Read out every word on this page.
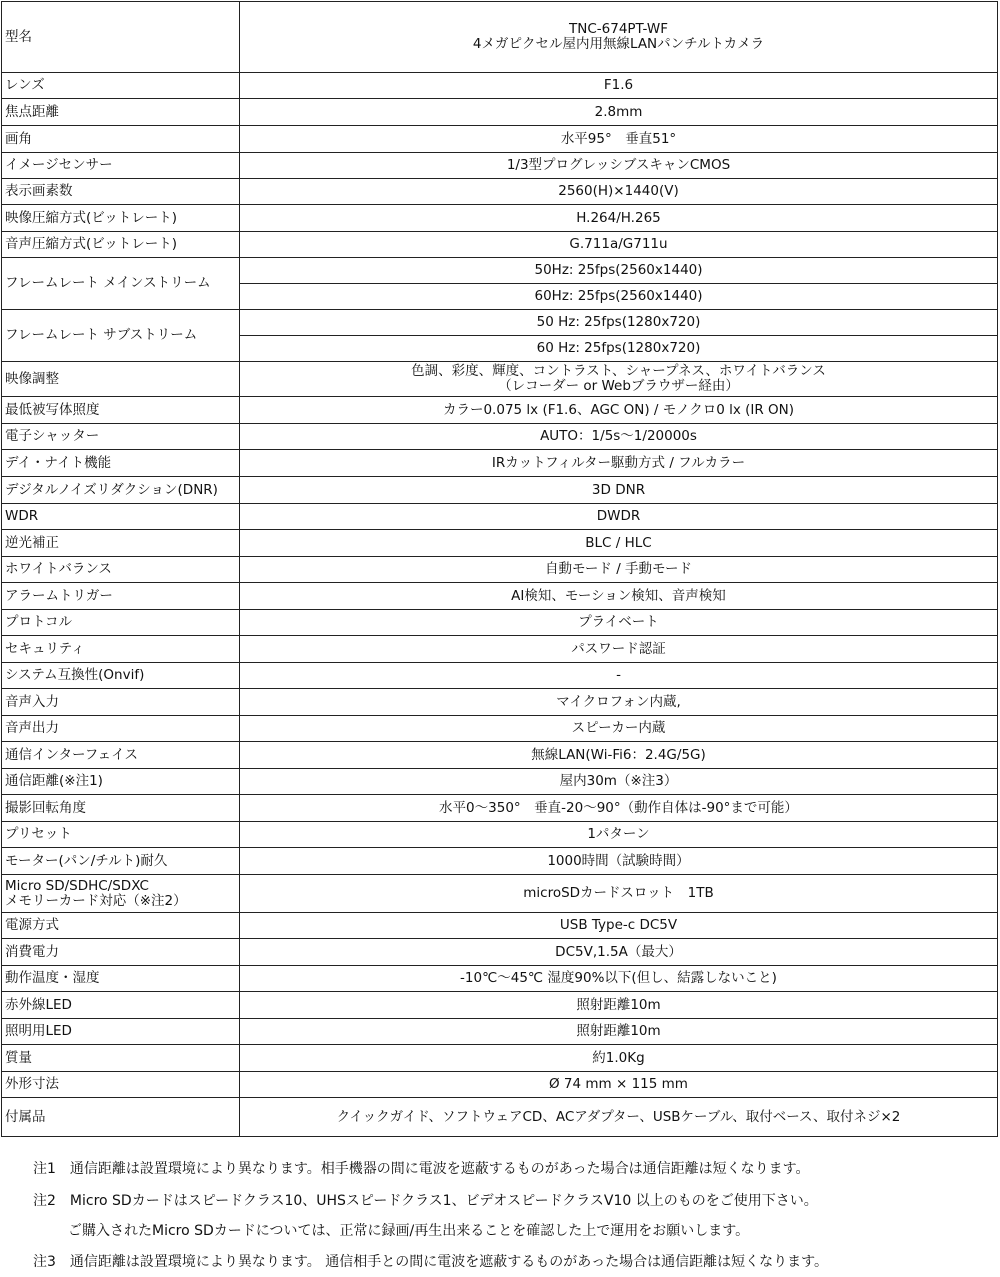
型名	TNC-674PT-WF
4メガピクセル屋内用無線LANパンチルトカメラ

レンズ	F1.6

焦点距離	2.8mm

画角	水平95°　垂直51°

イメージセンサー	1/3型プログレッシブスキャンCMOS

表示画素数	2560(H)×1440(V)

映像圧縮方式(ビットレート)	H.264/H.265

音声圧縮方式(ビットレート)	G.711a/G711u

フレームレート メインストリーム	50Hz: 25fps(2560x1440)

	60Hz: 25fps(2560x1440)

フレームレート サブストリーム	50 Hz: 25fps(1280x720)

	60 Hz: 25fps(1280x720)

映像調整	色調、彩度、輝度、コントラスト、シャープネス、ホワイトバランス
（レコーダー or Webブラウザー経由）

最低被写体照度	カラー0.075 lx (F1.6、AGC ON) / モノクロ0 lx (IR ON)

電子シャッター	AUTO：1/5s〜1/20000s

デイ・ナイト機能	IRカットフィルター駆動方式 / フルカラー

デジタルノイズリダクション(DNR)	3D DNR

WDR	DWDR

逆光補正	BLC / HLC

ホワイトバランス	自動モード / 手動モード

アラームトリガー	AI検知、モーション検知、音声検知

プロトコル	プライベート

セキュリティ	パスワード認証

システム互換性(Onvif)	-

音声入力	マイクロフォン内蔵,

音声出力	スピーカー内蔵

通信インターフェイス	無線LAN(Wi-Fi6：2.4G/5G)

通信距離(※注1)	屋内30m（※注3）

撮影回転角度	水平0〜350°　垂直-20〜90°（動作自体は-90°まで可能）

プリセット	1パターン

モーター(パン/チルト)耐久	1000時間（試験時間）

Micro SD/SDHC/SDXC
メモリーカード対応（※注2）	microSDカードスロット　1TB

電源方式	USB Type-c DC5V

消費電力	DC5V,1.5A（最大）

動作温度・湿度	-10℃〜45℃ 湿度90%以下(但し、結露しないこと)

赤外線LED	照射距離10m

照明用LED	照射距離10m

質量	約1.0Kg

外形寸法	Ø 74 mm × 115 mm

付属品	クイックガイド、ソフトウェアCD、ACアダプター、USBケーブル、取付ベース、取付ネジ×2
注1　通信距離は設置環境により異なります。相手機器の間に電波を遮蔽するものがあった場合は通信距離は短くなります。
注2　Micro SDカードはスピードクラス10、UHSスピードクラス1、ビデオスピードクラスV10 以上のものをご使用下さい。
ご購入されたMicro SDカードについては、正常に録画/再生出来ることを確認した上で運用をお願いします。
注3　通信距離は設置環境により異なります。 通信相手との間に電波を遮蔽するものがあった場合は通信距離は短くなります。
